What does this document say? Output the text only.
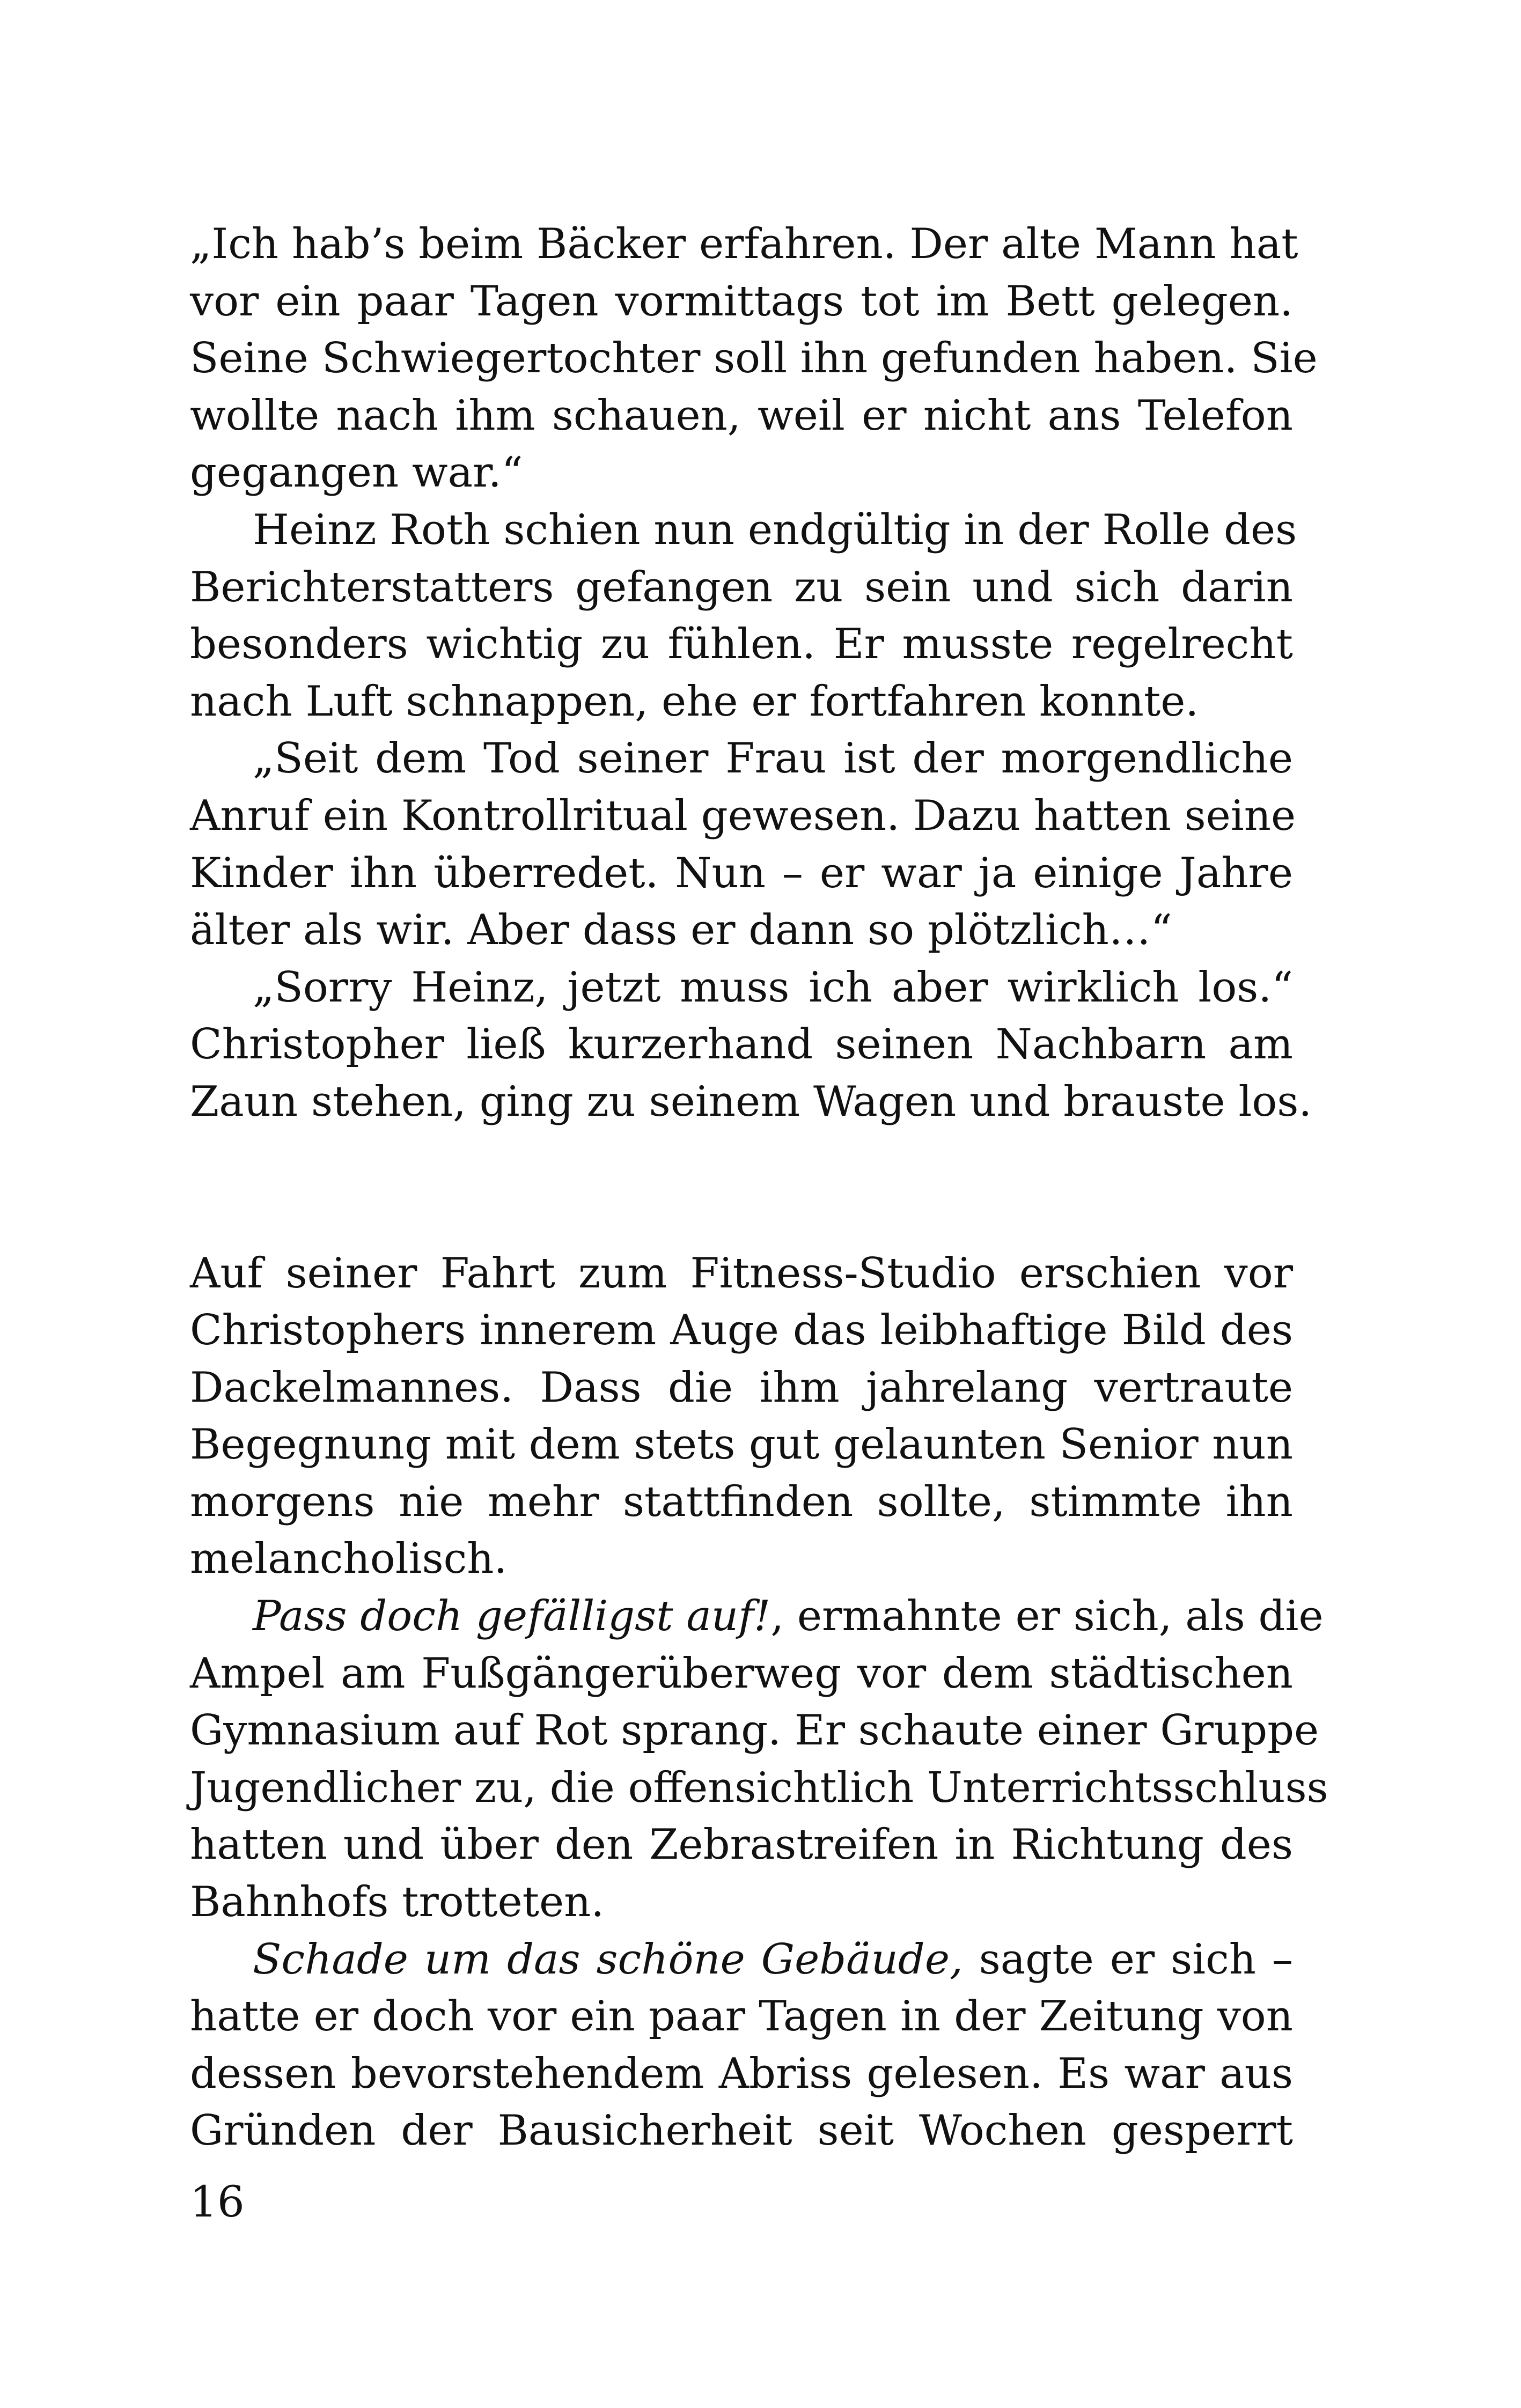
„Ich hab’s beim Bäcker erfahren. Der alte Mann hat
vor ein paar Tagen vormittags tot im Bett gelegen.
Seine Schwiegertochter soll ihn gefunden haben. Sie
wollte nach ihm schauen, weil er nicht ans Telefon
gegangen war.“
Heinz Roth schien nun endgültig in der Rolle des
Berichterstatters gefangen zu sein und sich darin
besonders wichtig zu fühlen. Er musste regelrecht
nach Luft schnappen, ehe er fortfahren konnte.
„Seit dem Tod seiner Frau ist der morgendliche
Anruf ein Kontrollritual gewesen. Dazu hatten seine
Kinder ihn überredet. Nun – er war ja einige Jahre
älter als wir. Aber dass er dann so plötzlich…“
„Sorry Heinz, jetzt muss ich aber wirklich los.“
Christopher ließ kurzerhand seinen Nachbarn am
Zaun stehen, ging zu seinem Wagen und brauste los.
Auf seiner Fahrt zum Fitness-Studio erschien vor
Christophers innerem Auge das leibhaftige Bild des
Dackelmannes. Dass die ihm jahrelang vertraute
Begegnung mit dem stets gut gelaunten Senior nun
morgens nie mehr stattfinden sollte, stimmte ihn
melancholisch.
Pass doch gefälligst auf!, ermahnte er sich, als die
Ampel am Fußgängerüberweg vor dem städtischen
Gymnasium auf Rot sprang. Er schaute einer Gruppe
Jugendlicher zu, die offensichtlich Unterrichtsschluss
hatten und über den Zebrastreifen in Richtung des
Bahnhofs trotteten.
Schade um das schöne Gebäude, sagte er sich –
hatte er doch vor ein paar Tagen in der Zeitung von
dessen bevorstehendem Abriss gelesen. Es war aus
Gründen der Bausicherheit seit Wochen gesperrt
16
